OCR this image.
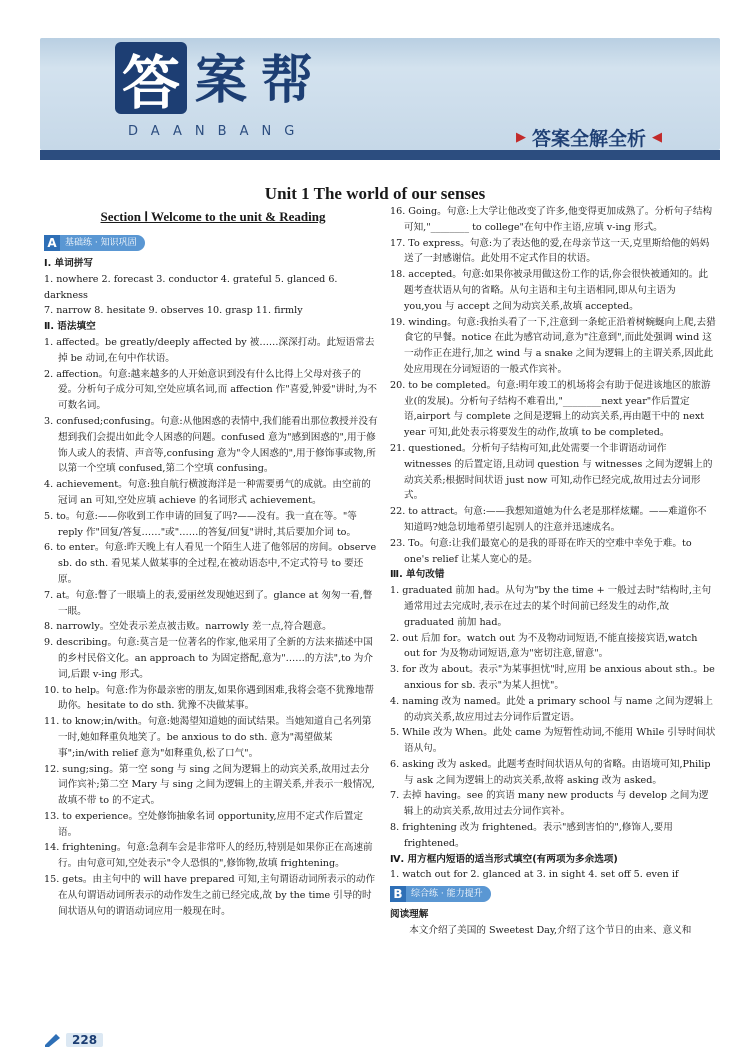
答 案 帮
DAANBANG	▶ 答案全解全析 ◀
Unit 1 The world of our senses
Section Ⅰ Welcome to the unit & Reading
A 基础练 · 知识巩固

Ⅰ. 单词拼写

1. nowhere 2. forecast 3. conductor 4. grateful 5. glanced 6. darkness

7. narrow 8. hesitate 9. observes 10. grasp 11. firmly

Ⅱ. 语法填空

1. affected。be greatly/deeply affected by 被……深深打动。此短语常去掉 be 动词,在句中作状语。

2. affection。句意:越来越多的人开始意识到没有什么比得上父母对孩子的爱。分析句子成分可知,空处应填名词,而 affection 作"喜爱,钟爱"讲时,为不可数名词。

3. confused;confusing。句意:从他困惑的表情中,我们能看出那位教授并没有想到我们会提出如此令人困惑的问题。confused 意为"感到困惑的",用于修饰人或人的表情、声音等,confusing 意为"令人困惑的",用于修饰事或物,所以第一个空填 confused,第二个空填 confusing。

4. achievement。句意:独自航行横渡海洋是一种需要勇气的成就。由空前的冠词 an 可知,空处应填 achieve 的名词形式 achievement。

5. to。句意:——你收到工作申请的回复了吗?——没有。我一直在等。"等 reply 作"回复/答复……"或"……的答复/回复"讲时,其后要加介词 to。

6. to enter。句意:昨天晚上有人看见一个陌生人进了他邻居的房间。observe sb. do sth. 看见某人做某事的全过程,在被动语态中,不定式符号 to 要还原。

7. at。句意:瞥了一眼墙上的表,爱丽丝发现她迟到了。glance at 匆匆一看,瞥一眼。

8. narrowly。空处表示差点被击败。narrowly 差一点,符合题意。

9. describing。句意:莫言是一位著名的作家,他采用了全新的方法来描述中国的乡村民俗文化。an approach to 为固定搭配,意为"……的方法",to 为介词,后跟 v-ing 形式。

10. to help。句意:作为你最亲密的朋友,如果你遇到困难,我将会毫不犹豫地帮助你。hesitate to do sth. 犹豫不决做某事。

11. to know;in/with。句意:她渴望知道她的面试结果。当她知道自己名列第一时,她如释重负地笑了。be anxious to do sth. 意为"渴望做某事";in/with relief 意为"如释重负,松了口气"。

12. sung;sing。第一空 song 与 sing 之间为逻辑上的动宾关系,故用过去分词作宾补;第二空 Mary 与 sing 之间为逻辑上的主谓关系,并表示一般情况,故填不带 to 的不定式。

13. to experience。空处修饰抽象名词 opportunity,应用不定式作后置定语。

14. frightening。句意:急刹车会是非常吓人的经历,特别是如果你正在高速前行。由句意可知,空处表示"令人恐惧的",修饰物,故填 frightening。

15. gets。由主句中的 will have prepared 可知,主句谓语动词所表示的动作在从句谓语动词所表示的动作发生之前已经完成,故 by the time 引导的时间状语从句的谓语动词应用一般现在时。

16. Going。句意:上大学让他改变了许多,他变得更加成熟了。分析句子结构可知,"________ to college"在句中作主语,应填 v-ing 形式。

17. To express。句意:为了表达他的爱,在母亲节这一天,克里斯给他的妈妈送了一封感谢信。此处用不定式作目的状语。

18. accepted。句意:如果你被录用做这份工作的话,你会很快被通知的。此题考查状语从句的省略。从句主语和主句主语相同,即从句主语为 you,you 与 accept 之间为动宾关系,故填 accepted。

19. winding。句意:我抬头看了一下,注意到一条蛇正沿着树蜿蜒向上爬,去猎食它的早餐。notice 在此为感官动词,意为"注意到",而此处强调 wind 这一动作正在进行,加之 wind 与 a snake 之间为逻辑上的主谓关系,因此此处应用现在分词短语的一般式作宾补。

20. to be completed。句意:明年竣工的机场将会有助于促进该地区的旅游业(的发展)。分析句子结构不难看出,"________next year"作后置定语,airport 与 complete 之间是逻辑上的动宾关系,再由题干中的 next year 可知,此处表示将要发生的动作,故填 to be completed。

21. questioned。分析句子结构可知,此处需要一个非谓语动词作 witnesses 的后置定语,且动词 question 与 witnesses 之间为逻辑上的动宾关系;根据时间状语 just now 可知,动作已经完成,故用过去分词形式。

22. to attract。句意:——我想知道她为什么老是那样炫耀。——难道你不知道吗?她急切地希望引起别人的注意并迅速成名。

23. To。句意:让我们最宽心的是我的哥哥在昨天的空难中幸免于难。to one's relief 让某人宽心的是。

Ⅲ. 单句改错

1. graduated 前加 had。从句为"by the time + 一般过去时"结构时,主句通常用过去完成时,表示在过去的某个时间前已经发生的动作,故 graduated 前加 had。

2. out 后加 for。watch out 为不及物动词短语,不能直接接宾语,watch out for 为及物动词短语,意为"密切注意,留意"。

3. for 改为 about。表示"为某事担忧"时,应用 be anxious about sth.。be anxious for sb. 表示"为某人担忧"。

4. naming 改为 named。此处 a primary school 与 name 之间为逻辑上的动宾关系,故应用过去分词作后置定语。

5. While 改为 When。此处 came 为短暂性动词,不能用 While 引导时间状语从句。

6. asking 改为 asked。此题考查时间状语从句的省略。由语境可知,Philip 与 ask 之间为逻辑上的动宾关系,故将 asking 改为 asked。

7. 去掉 having。see 的宾语 many new products 与 develop 之间为逻辑上的动宾关系,故用过去分词作宾补。

8. frightening 改为 frightened。表示"感到害怕的",修饰人,要用 frightened。

Ⅳ. 用方框内短语的适当形式填空(有两项为多余选项)

1. watch out for 2. glanced at 3. in sight 4. set off 5. even if

B 综合练 · 能力提升

阅读理解

本文介绍了美国的 Sweetest Day,介绍了这个节日的由来、意义和

228
